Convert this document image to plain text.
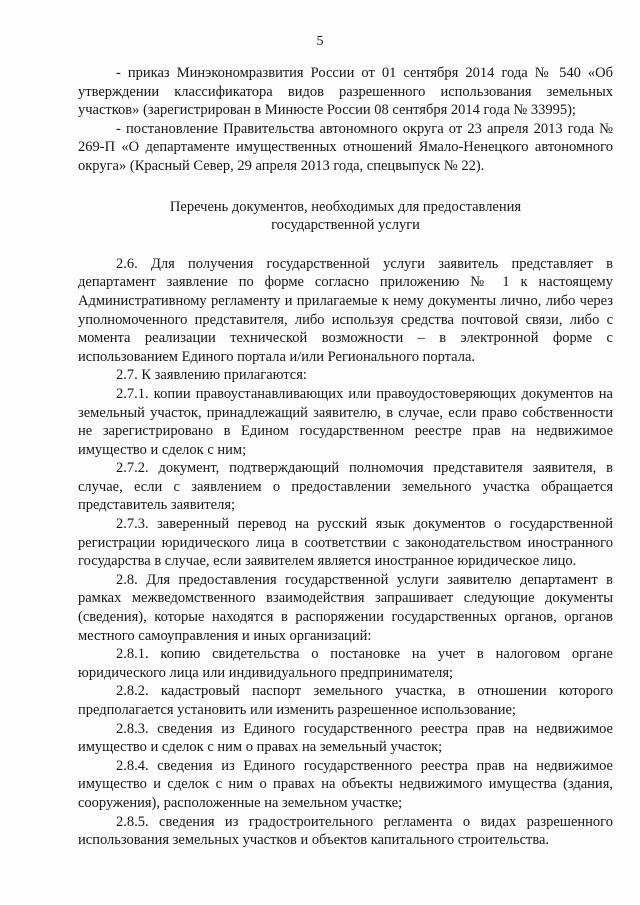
5

- приказ Минэкономразвития России от 01 сентября 2014 года № 540 «Об утверждении классификатора видов разрешенного использования земельных участков» (зарегистрирован в Минюсте России 08 сентября 2014 года № 33995);

- постановление Правительства автономного округа от 23 апреля 2013 года № 269-П «О департаменте имущественных отношений Ямало-Ненецкого автономного округа» (Красный Север, 29 апреля 2013 года, спецвыпуск № 22).

Перечень документов, необходимых для предоставления
государственной услуги

2.6. Для получения государственной услуги заявитель представляет в департамент заявление по форме согласно приложению № 1 к настоящему Административному регламенту и прилагаемые к нему документы лично, либо через уполномоченного представителя, либо используя средства почтовой связи, либо с момента реализации технической возможности – в электронной форме с использованием Единого портала и/или Регионального портала.

2.7. К заявлению прилагаются:

2.7.1. копии правоустанавливающих или правоудостоверяющих документов на земельный участок, принадлежащий заявителю, в случае, если право собственности не зарегистрировано в Едином государственном реестре прав на недвижимое имущество и сделок с ним;

2.7.2. документ, подтверждающий полномочия представителя заявителя, в случае, если с заявлением о предоставлении земельного участка обращается представитель заявителя;

2.7.3. заверенный перевод на русский язык документов о государственной регистрации юридического лица в соответствии с законодательством иностранного государства в случае, если заявителем является иностранное юридическое лицо.

2.8. Для предоставления государственной услуги заявителю департамент в рамках межведомственного взаимодействия запрашивает следующие документы (сведения), которые находятся в распоряжении государственных органов, органов местного самоуправления и иных организаций:

2.8.1. копию свидетельства о постановке на учет в налоговом органе юридического лица или индивидуального предпринимателя;

2.8.2. кадастровый паспорт земельного участка, в отношении которого предполагается установить или изменить разрешенное использование;

2.8.3. сведения из Единого государственного реестра прав на недвижимое имущество и сделок с ним о правах на земельный участок;

2.8.4. сведения из Единого государственного реестра прав на недвижимое имущество и сделок с ним о правах на объекты недвижимого имущества (здания, сооружения), расположенные на земельном участке;

2.8.5. сведения из градостроительного регламента о видах разрешенного использования земельных участков и объектов капитального строительства.
